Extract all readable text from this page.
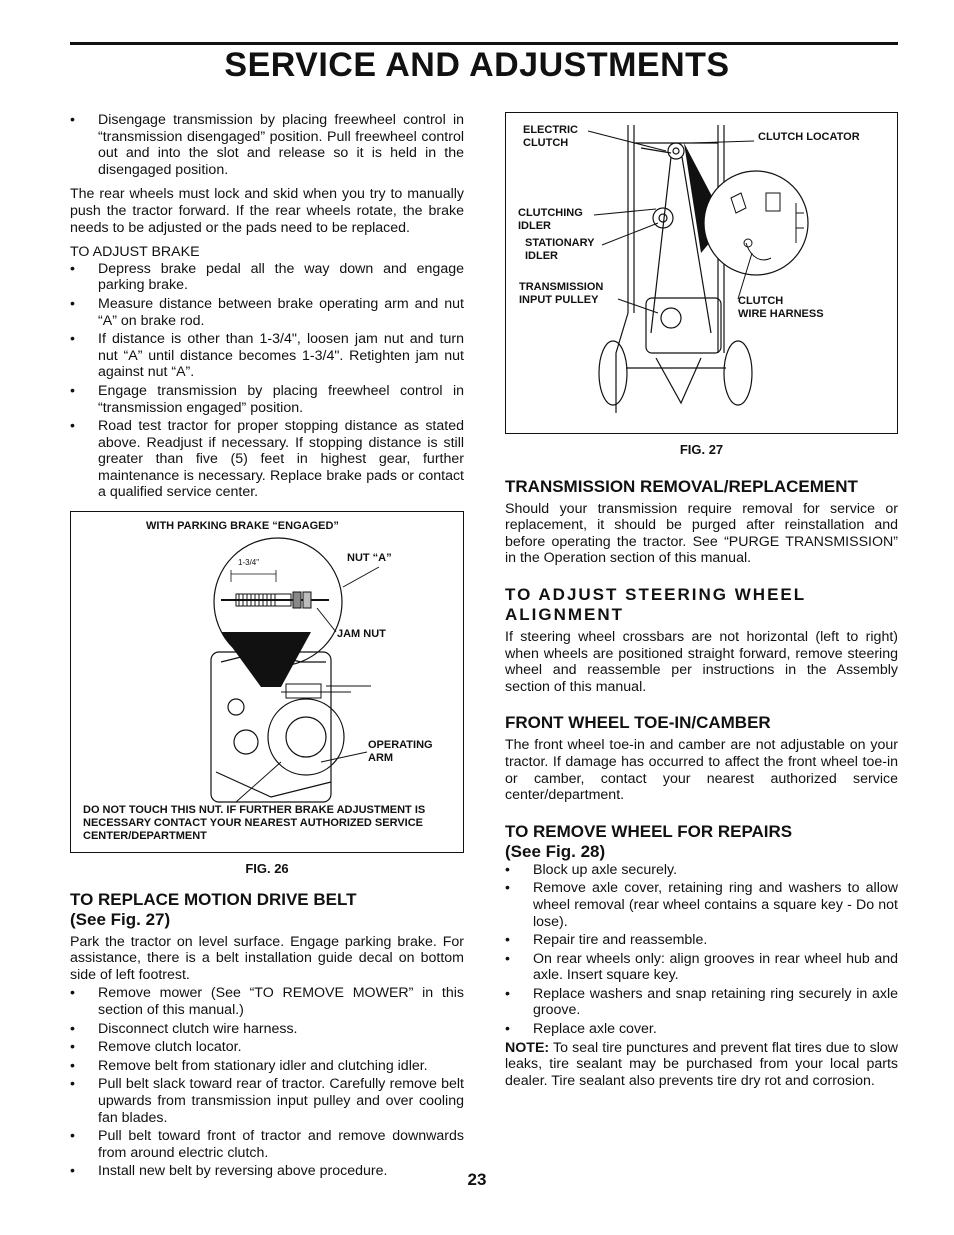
SERVICE AND ADJUSTMENTS
• Disengage transmission by placing freewheel control in “transmission disengaged” position. Pull freewheel control out and into the slot and release so it is held in the disengaged position.

The rear wheels must lock and skid when you try to manually push the tractor forward. If the rear wheels rotate, the brake needs to be adjusted or the pads need to be replaced.

TO ADJUST BRAKE
• Depress brake pedal all the way down and engage parking brake.
• Measure distance between brake operating arm and nut “A” on brake rod.
• If distance is other than 1-3/4", loosen jam nut and turn nut “A” until distance becomes 1-3/4". Retighten jam nut against nut “A”.
• Engage transmission by placing freewheel control in “transmission engaged” position.
• Road test tractor for proper stopping distance as stated above. Readjust if necessary. If stopping distance is still greater than five (5) feet in highest gear, further maintenance is necessary. Replace brake pads or contact a qualified service center.
WITH PARKING BRAKE “ENGAGED”
1-3/4"	NUT “A”
JAM NUT
OPERATING
ARM
DO NOT TOUCH THIS NUT. IF FURTHER BRAKE ADJUSTMENT IS NECESSARY CONTACT YOUR NEAREST AUTHORIZED SERVICE CENTER/DEPARTMENT
FIG. 26
TO REPLACE MOTION DRIVE BELT
(See Fig. 27)

Park the tractor on level surface. Engage parking brake. For assistance, there is a belt installation guide decal on bottom side of left footrest.

• Remove mower (See “TO REMOVE MOWER” in this section of this manual.)
• Disconnect clutch wire harness.
• Remove clutch locator.
• Remove belt from stationary idler and clutching idler.
• Pull belt slack toward rear of tractor. Carefully remove belt upwards from transmission input pulley and over cooling fan blades.
• Pull belt toward front of tractor and remove downwards from around electric clutch.
• Install new belt by reversing above procedure.
ELECTRIC
CLUTCH	CLUTCH LOCATOR
CLUTCHING
IDLER
STATIONARY
IDLER
TRANSMISSION
INPUT PULLEY	CLUTCH
WIRE HARNESS
FIG. 27
TRANSMISSION REMOVAL/REPLACEMENT

Should your transmission require removal for service or replacement, it should be purged after reinstallation and before operating the tractor. See “PURGE TRANSMISSION” in the Operation section of this manual.

TO ADJUST STEERING WHEEL ALIGNMENT

If steering wheel crossbars are not horizontal (left to right) when wheels are positioned straight forward, remove steering wheel and reassemble per instructions in the Assembly section of this manual.

FRONT WHEEL TOE-IN/CAMBER

The front wheel toe-in and camber are not adjustable on your tractor. If damage has occurred to affect the front wheel toe-in or camber, contact your nearest authorized service center/department.

TO REMOVE WHEEL FOR REPAIRS
(See Fig. 28)
• Block up axle securely.
• Remove axle cover, retaining ring and washers to allow wheel removal (rear wheel contains a square key - Do not lose).
• Repair tire and reassemble.
• On rear wheels only: align grooves in rear wheel hub and axle. Insert square key.
• Replace washers and snap retaining ring securely in axle groove.
• Replace axle cover.

NOTE: To seal tire punctures and prevent flat tires due to slow leaks, tire sealant may be purchased from your local parts dealer. Tire sealant also prevents tire dry rot and corrosion.

23
